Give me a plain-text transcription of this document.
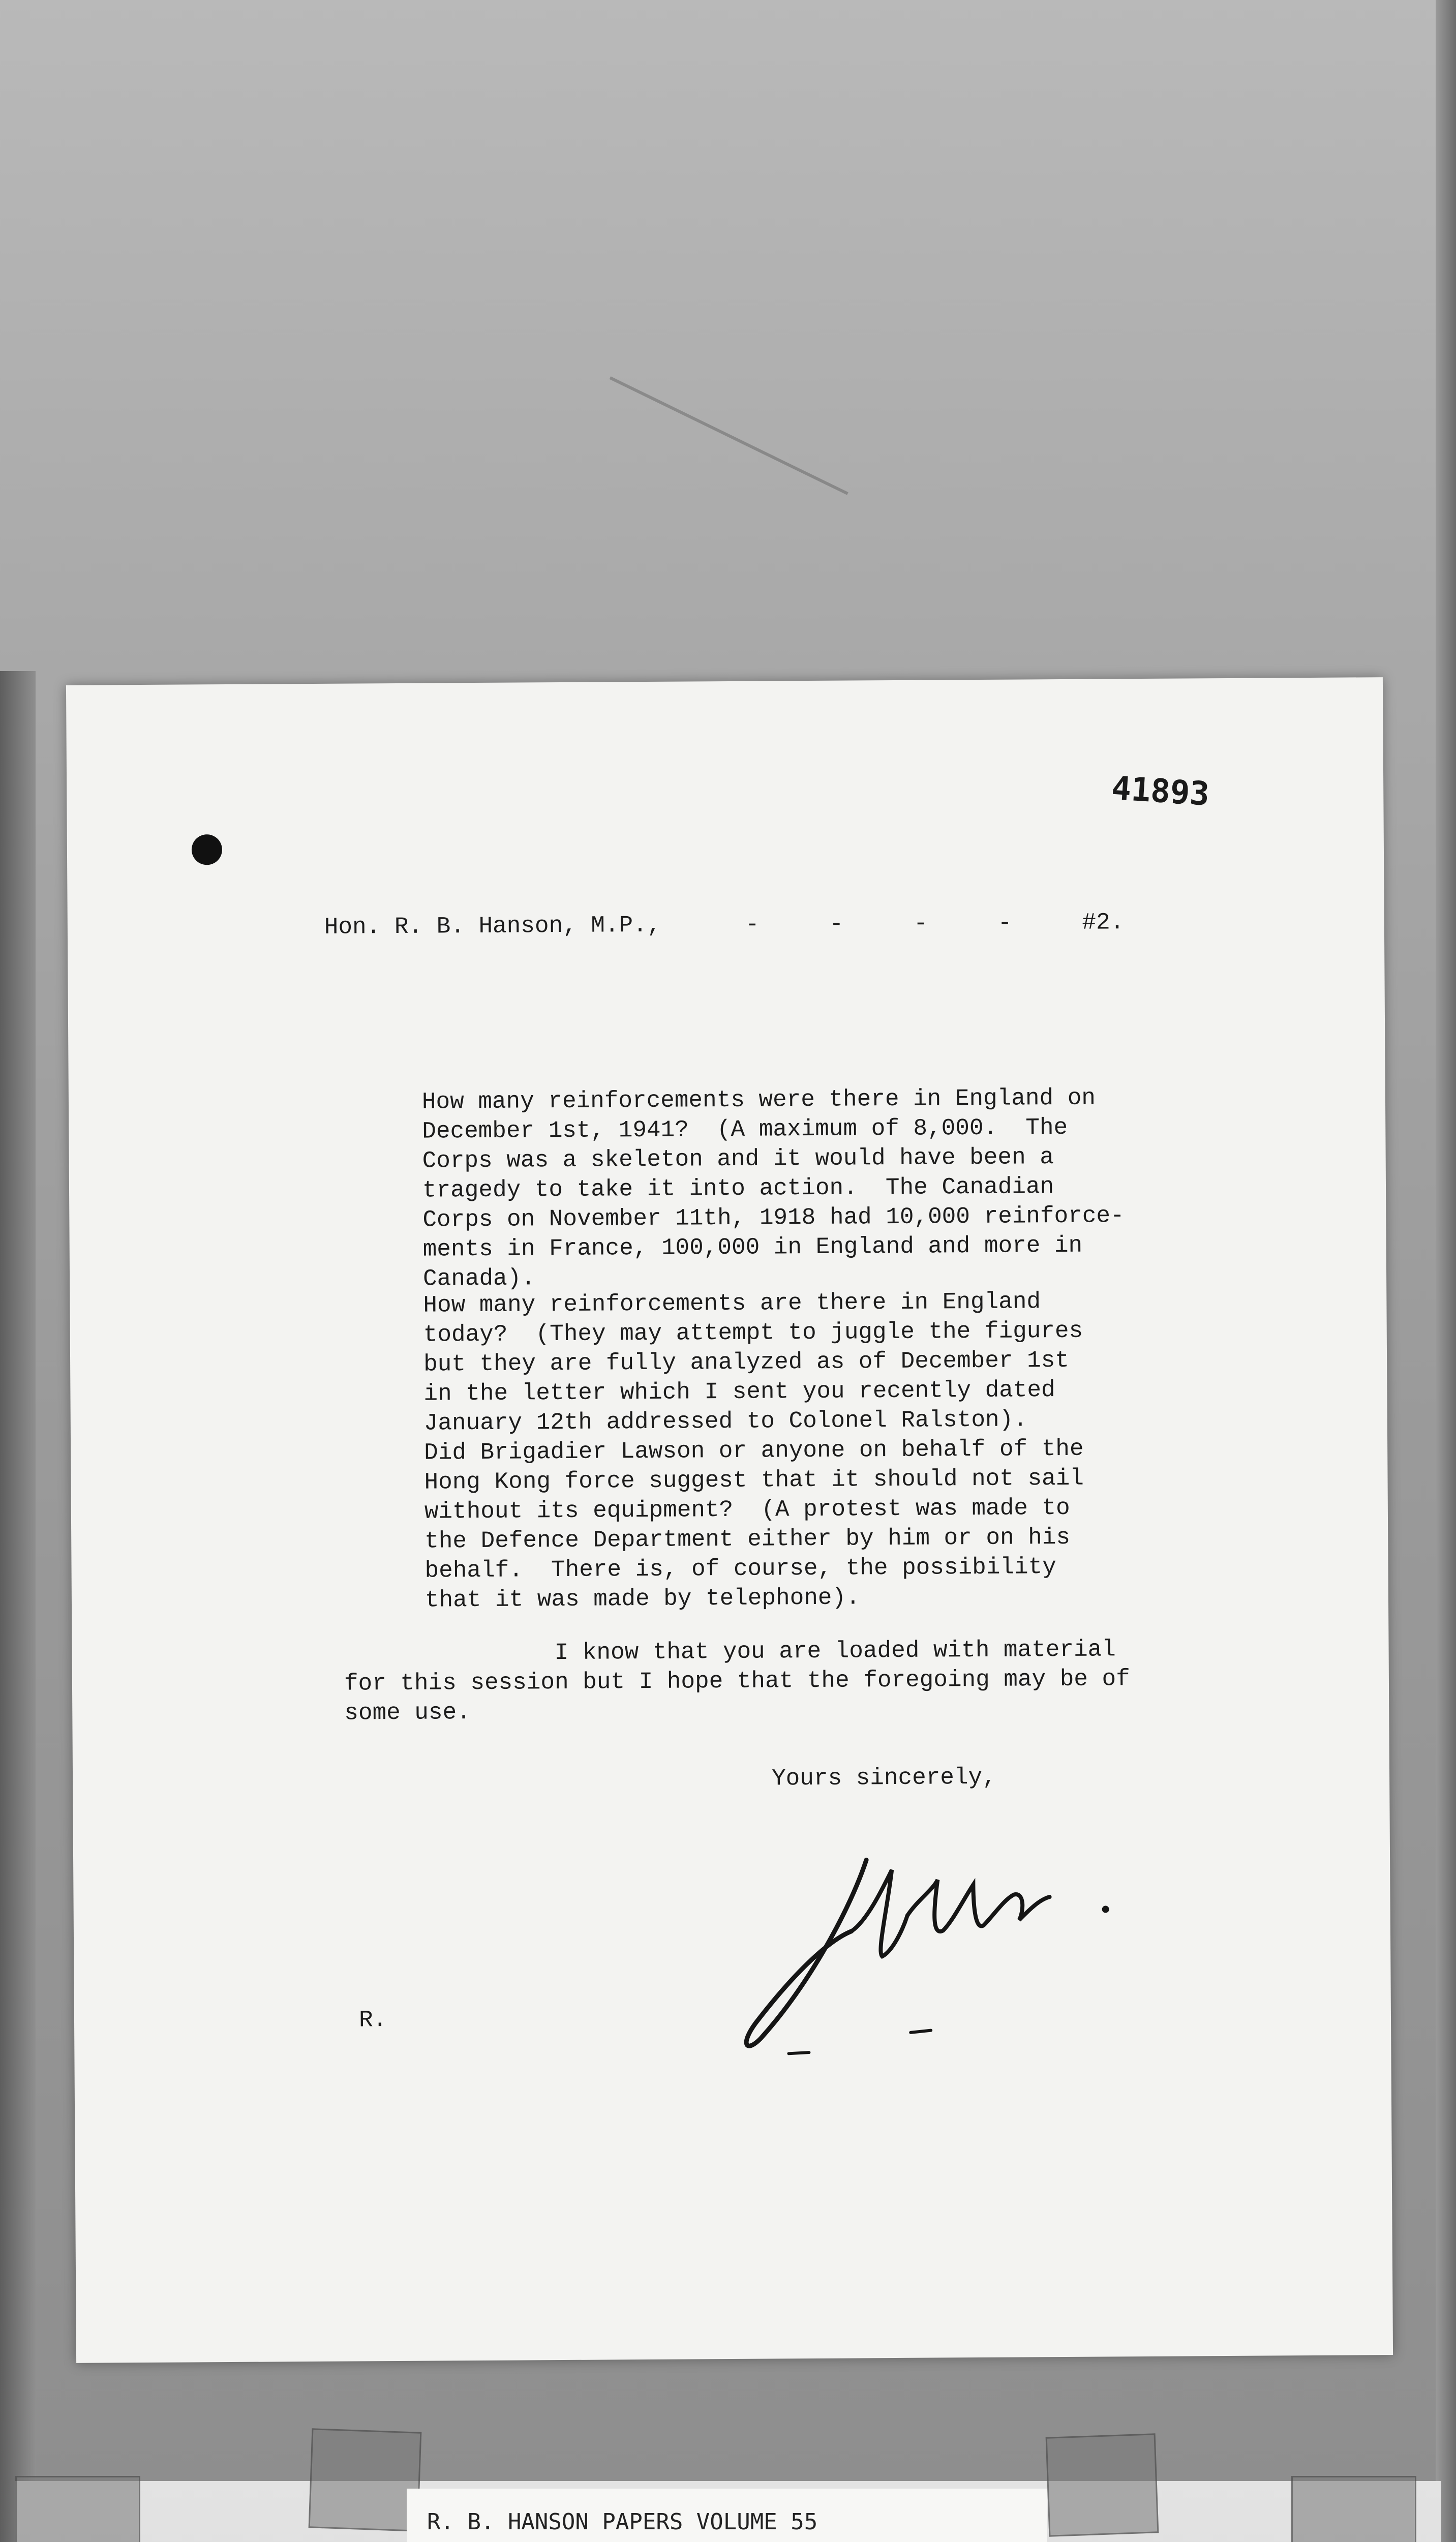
41893
Hon. R. B. Hanson, M.P.,      -     -     -     -     #2.
How many reinforcements were there in England on
December 1st, 1941?  (A maximum of 8,000.  The
Corps was a skeleton and it would have been a
tragedy to take it into action.  The Canadian
Corps on November 11th, 1918 had 10,000 reinforce-
ments in France, 100,000 in England and more in
Canada).
How many reinforcements are there in England
today?  (They may attempt to juggle the figures
but they are fully analyzed as of December 1st
in the letter which I sent you recently dated
January 12th addressed to Colonel Ralston).
Did Brigadier Lawson or anyone on behalf of the
Hong Kong force suggest that it should not sail
without its equipment?  (A protest was made to
the Defence Department either by him or on his
behalf.  There is, of course, the possibility
that it was made by telephone).
I know that you are loaded with material
for this session but I hope that the foregoing may be of
some use.
Yours sincerely,
R.
R. B. HANSON PAPERS VOLUME 55
